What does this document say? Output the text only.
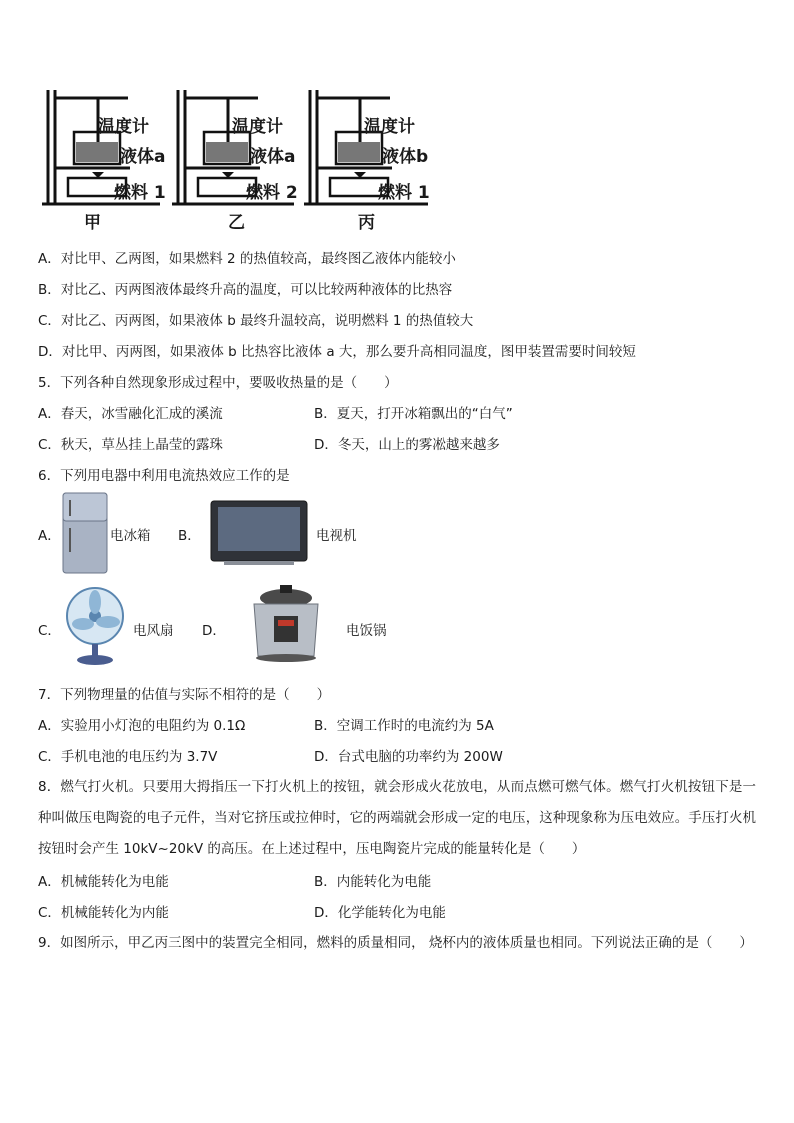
温度计
液体a
燃料 1
甲
温度计
液体a
燃料 2
乙
温度计
液体b
燃料 1
丙
A．对比甲、乙两图，如果燃料 2 的热值较高，最终图乙液体内能较小
B．对比乙、丙两图液体最终升高的温度，可以比较两种液体的比热容
C．对比乙、丙两图，如果液体 b 最终升温较高，说明燃料 1 的热值较大
D．对比甲、丙两图，如果液体 b 比热容比液体 a 大，那么要升高相同温度，图甲装置需要时间较短
5．下列各种自然现象形成过程中，要吸收热量的是（　　）
A．春天，冰雪融化汇成的溪流	B．夏天，打开冰箱飘出的“白气”
C．秋天，草丛挂上晶莹的露珠	D．冬天，山上的雾凇越来越多
6．下列用电器中利用电流热效应工作的是
A．	电冰箱 B．	电视机
C．	电风扇 D．	电饭锅
7．下列物理量的估值与实际不相符的是（　　）
A．实验用小灯泡的电阻约为 0.1Ω	B．空调工作时的电流约为 5A
C．手机电池的电压约为 3.7V	D．台式电脑的功率约为 200W
8．燃气打火机。只要用大拇指压一下打火机上的按钮，就会形成火花放电，从而点燃可燃气体。燃气打火机按钮下是一种叫做压电陶瓷的电子元件，当对它挤压或拉伸时，它的两端就会形成一定的电压，这种现象称为压电效应。手压打火机按钮时会产生 10kV~20kV 的高压。在上述过程中，压电陶瓷片完成的能量转化是（　　）
A．机械能转化为电能	B．内能转化为电能
C．机械能转化为内能	D．化学能转化为电能
9．如图所示，甲乙丙三图中的装置完全相同，燃料的质量相同， 烧杯内的液体质量也相同。下列说法正确的是（　　）
